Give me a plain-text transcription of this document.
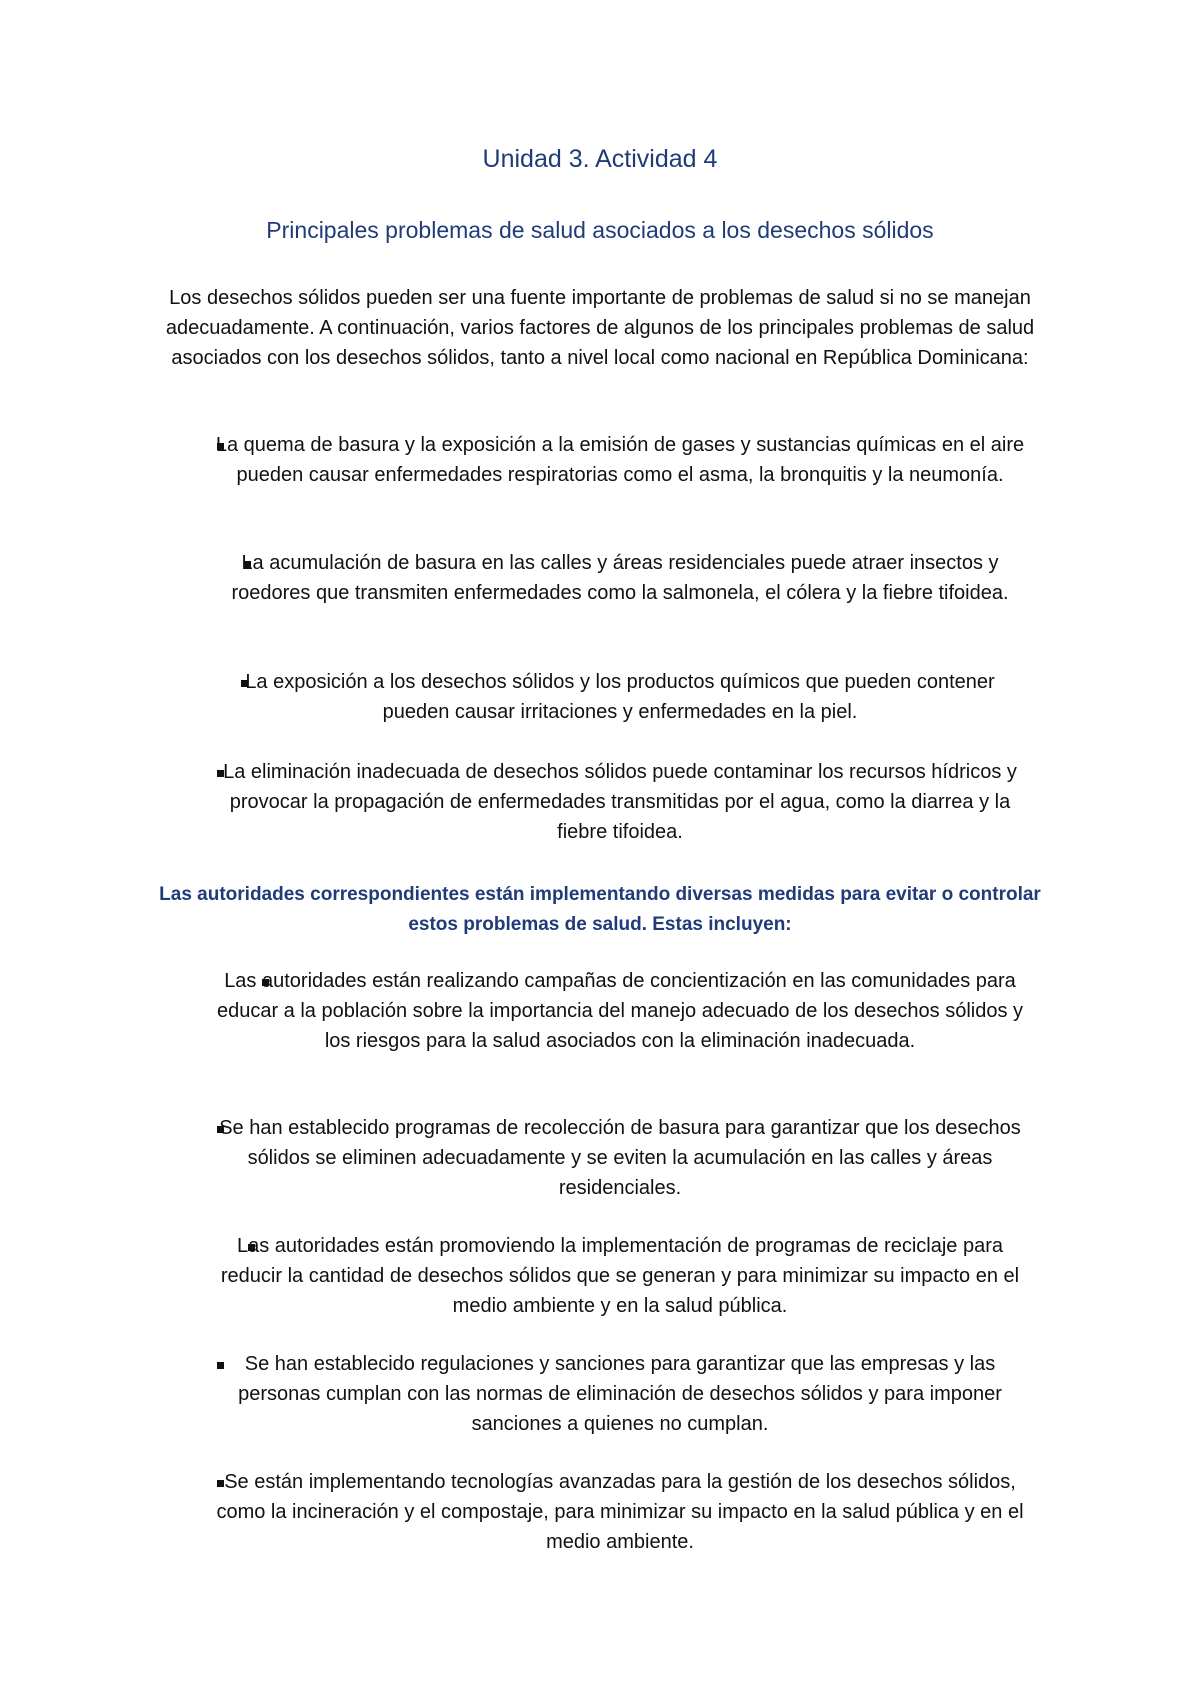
Unidad 3. Actividad 4
Principales problemas de salud asociados a los desechos sólidos
Los desechos sólidos pueden ser una fuente importante de problemas de salud si no se manejan adecuadamente. A continuación, varios factores de algunos de los principales problemas de salud asociados con los desechos sólidos, tanto a nivel local como nacional en República Dominicana:
La quema de basura y la exposición a la emisión de gases y sustancias químicas en el aire pueden causar enfermedades respiratorias como el asma, la bronquitis y la neumonía.
La acumulación de basura en las calles y áreas residenciales puede atraer insectos y roedores que transmiten enfermedades como la salmonela, el cólera y la fiebre tifoidea.
La exposición a los desechos sólidos y los productos químicos que pueden contener pueden causar irritaciones y enfermedades en la piel.
La eliminación inadecuada de desechos sólidos puede contaminar los recursos hídricos y provocar la propagación de enfermedades transmitidas por el agua, como la diarrea y la fiebre tifoidea.
Las autoridades correspondientes están implementando diversas medidas para evitar o controlar estos problemas de salud. Estas incluyen:
Las autoridades están realizando campañas de concientización en las comunidades para educar a la población sobre la importancia del manejo adecuado de los desechos sólidos y los riesgos para la salud asociados con la eliminación inadecuada.
Se han establecido programas de recolección de basura para garantizar que los desechos sólidos se eliminen adecuadamente y se eviten la acumulación en las calles y áreas residenciales.
Las autoridades están promoviendo la implementación de programas de reciclaje para reducir la cantidad de desechos sólidos que se generan y para minimizar su impacto en el medio ambiente y en la salud pública.
Se han establecido regulaciones y sanciones para garantizar que las empresas y las personas cumplan con las normas de eliminación de desechos sólidos y para imponer sanciones a quienes no cumplan.
Se están implementando tecnologías avanzadas para la gestión de los desechos sólidos, como la incineración y el compostaje, para minimizar su impacto en la salud pública y en el medio ambiente.
